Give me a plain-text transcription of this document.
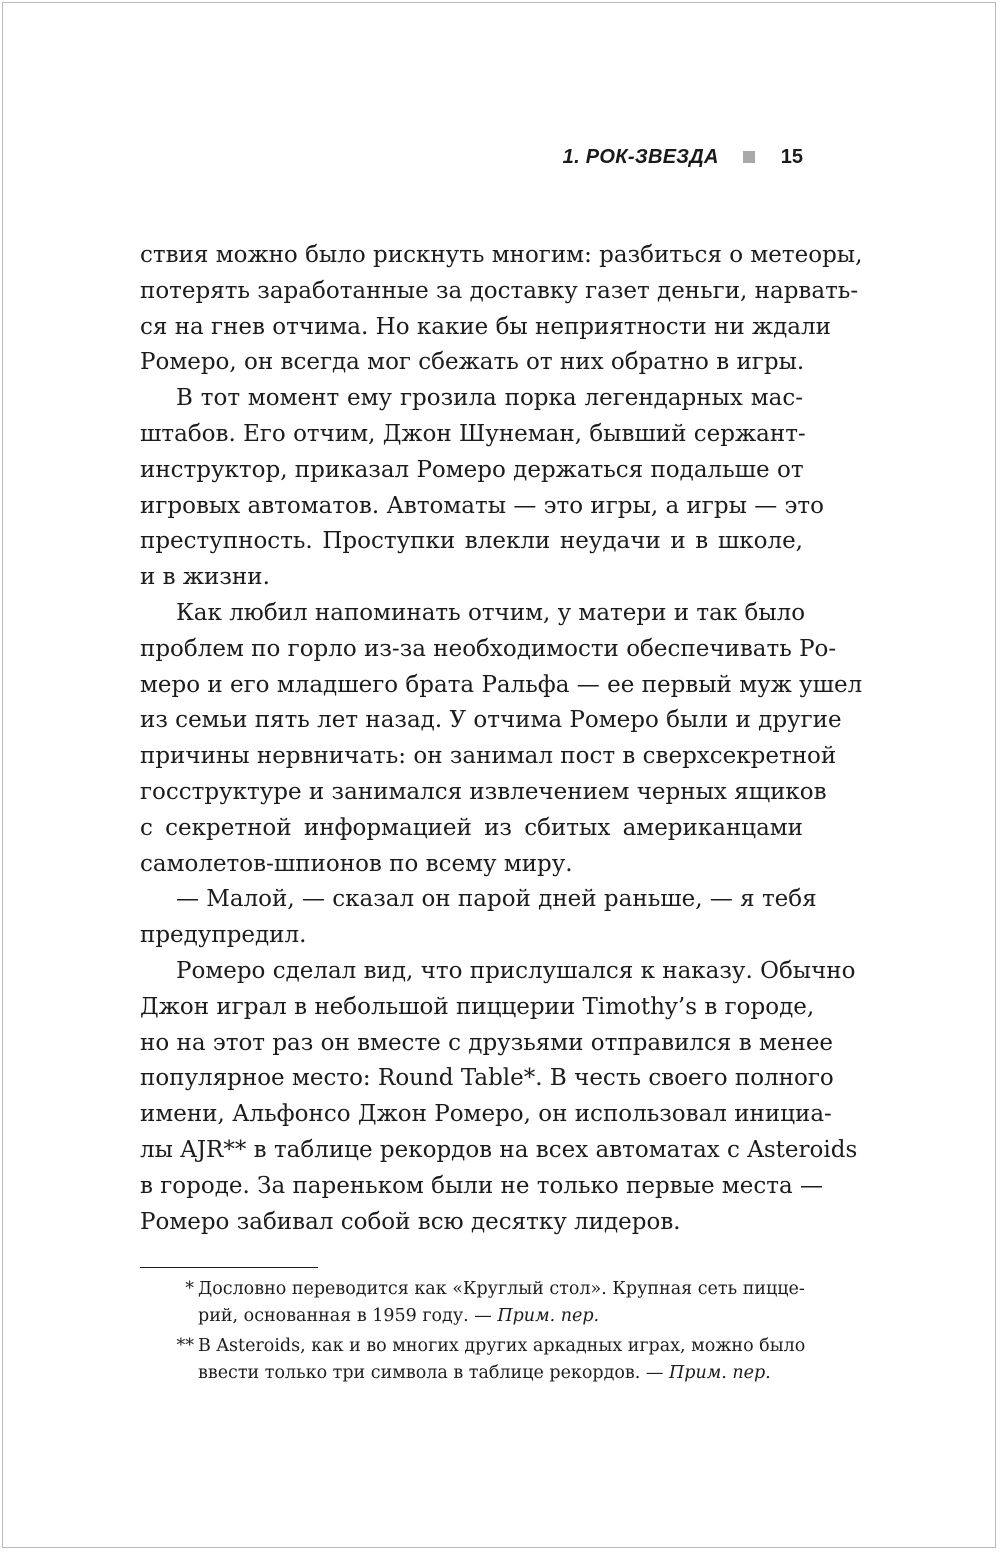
1. РОК-ЗВЕЗДА	15
ствия можно было рискнуть многим: разбиться о метеоры,
потерять заработанные за доставку газет деньги, нарвать-
ся на гнев отчима. Но какие бы неприятности ни ждали
Ромеро, он всегда мог сбежать от них обратно в игры.
В тот момент ему грозила порка легендарных мас-
штабов. Его отчим, Джон Шунеман, бывший сержант-
инструктор, приказал Ромеро держаться подальше от
игровых автоматов. Автоматы — это игры, а игры — это
преступность. Проступки влекли неудачи и в школе,
и в жизни.
Как любил напоминать отчим, у матери и так было
проблем по горло из-за необходимости обеспечивать Ро-
меро и его младшего брата Ральфа — ее первый муж ушел
из семьи пять лет назад. У отчима Ромеро были и другие
причины нервничать: он занимал пост в сверхсекретной
госструктуре и занимался извлечением черных ящиков
с секретной информацией из сбитых американцами
самолетов-шпионов по всему миру.
— Малой, — сказал он парой дней раньше, — я тебя
предупредил.
Ромеро сделал вид, что прислушался к наказу. Обычно
Джон играл в небольшой пиццерии Timothy’s в городе,
но на этот раз он вместе с друзьями отправился в менее
популярное место: Round Table*. В честь своего полного
имени, Альфонсо Джон Ромеро, он использовал инициа-
лы AJR** в таблице рекордов на всех автоматах с Asteroids
в городе. За пареньком были не только первые места —
Ромеро забивал собой всю десятку лидеров.
* Дословно переводится как «Круглый стол». Крупная сеть пицце-
рий, основанная в 1959 году. — Прим. пер.
** В Asteroids, как и во многих других аркадных играх, можно было
ввести только три символа в таблице рекордов. — Прим. пер.
